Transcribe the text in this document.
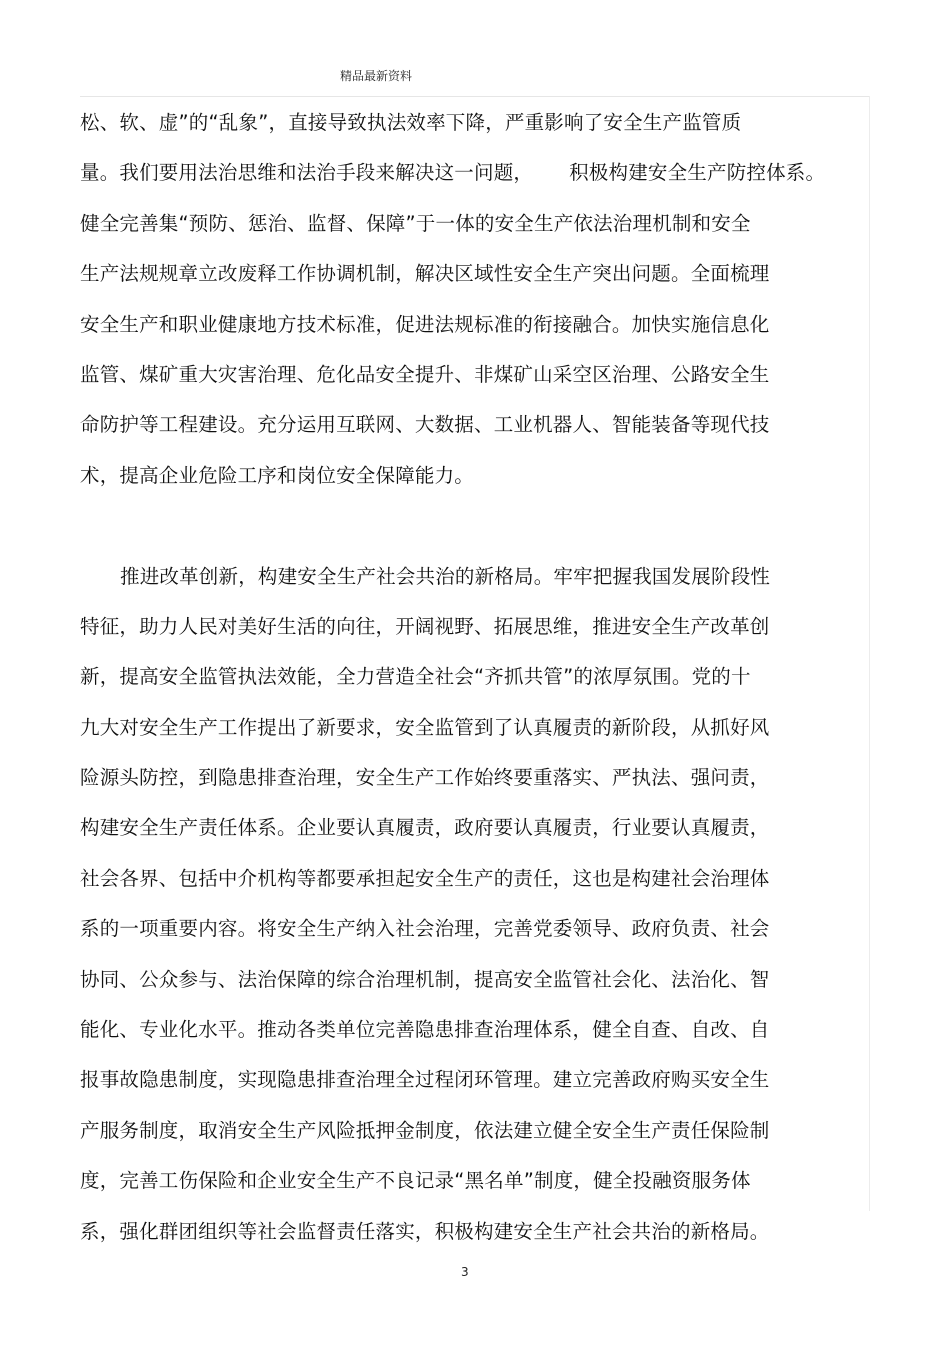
精品最新资料
松、软、虚”的“乱象”，直接导致执法效率下降，严重影响了安全生产监管质
量。我们要用法治思维和法治手段来解决这一问题， 积极构建安全生产防控体系。
健全完善集“预防、惩治、监督、保障”于一体的安全生产依法治理机制和安全
生产法规规章立改废释工作协调机制，解决区域性安全生产突出问题。全面梳理
安全生产和职业健康地方技术标准，促进法规标准的衔接融合。加快实施信息化
监管、煤矿重大灾害治理、危化品安全提升、非煤矿山采空区治理、公路安全生
命防护等工程建设。充分运用互联网、大数据、工业机器人、智能装备等现代技
术，提高企业危险工序和岗位安全保障能力。
推进改革创新，构建安全生产社会共治的新格局。牢牢把握我国发展阶段性
特征，助力人民对美好生活的向往，开阔视野、拓展思维，推进安全生产改革创
新，提高安全监管执法效能，全力营造全社会“齐抓共管”的浓厚氛围。党的十
九大对安全生产工作提出了新要求，安全监管到了认真履责的新阶段，从抓好风
险源头防控，到隐患排查治理，安全生产工作始终要重落实、严执法、强问责，
构建安全生产责任体系。企业要认真履责，政府要认真履责，行业要认真履责，
社会各界、包括中介机构等都要承担起安全生产的责任，这也是构建社会治理体
系的一项重要内容。将安全生产纳入社会治理，完善党委领导、政府负责、社会
协同、公众参与、法治保障的综合治理机制，提高安全监管社会化、法治化、智
能化、专业化水平。推动各类单位完善隐患排查治理体系，健全自查、自改、自
报事故隐患制度，实现隐患排查治理全过程闭环管理。建立完善政府购买安全生
产服务制度，取消安全生产风险抵押金制度，依法建立健全安全生产责任保险制
度，完善工伤保险和企业安全生产不良记录“黑名单”制度，健全投融资服务体
系，强化群团组织等社会监督责任落实，积极构建安全生产社会共治的新格局。
3
